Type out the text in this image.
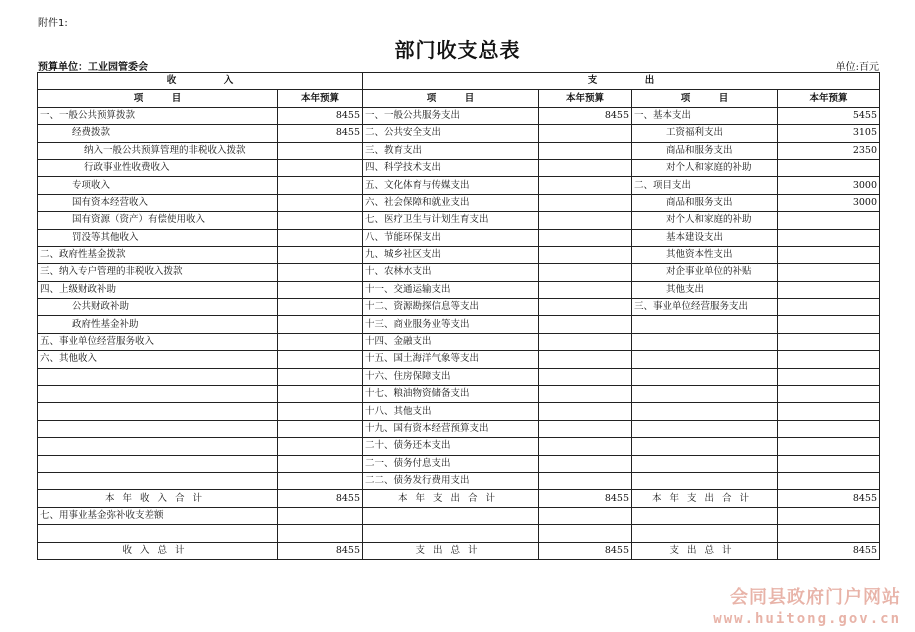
附件1:
部门收支总表
预算单位：工业园管委会	单位:百元
收　　　　　入		支　　　　　出			
项　　　目	本年预算	项　　　目	本年预算	项　　　目	本年预算
一、一般公共预算拨款	8455	一、一般公共服务支出	8455	一、基本支出	5455
经费拨款	8455	二、公共安全支出		工资福利支出	3105
纳入一般公共预算管理的非税收入拨款		三、教育支出		商品和服务支出	2350
行政事业性收费收入		四、科学技术支出		对个人和家庭的补助	
专项收入		五、文化体育与传媒支出		二、项目支出	3000
国有资本经营收入		六、社会保障和就业支出		商品和服务支出	3000
国有资源（资产）有偿使用收入		七、医疗卫生与计划生育支出		对个人和家庭的补助	
罚没等其他收入		八、节能环保支出		基本建设支出	
二、政府性基金拨款		九、城乡社区支出		其他资本性支出	
三、纳入专户管理的非税收入拨款		十、农林水支出		对企事业单位的补贴	
四、上级财政补助		十一、交通运输支出		其他支出	
公共财政补助		十二、资源勘探信息等支出		三、事业单位经营服务支出	
政府性基金补助		十三、商业服务业等支出			
五、事业单位经营服务收入		十四、金融支出			
六、其他收入		十五、国土海洋气象等支出			
		十六、住房保障支出			
		十七、粮油物资储备支出			
		十八、其他支出			
		十九、国有资本经营预算支出			
		二十、债务还本支出			
		二一、债务付息支出			
		二二、债务发行费用支出			
本年收入合计	8455	本年支出合计	8455	本年支出合计	8455
七、用事业基金弥补收支差额					

收入总计	8455	支出总计	8455	支出总计	8455
会同县政府门户网站
www.huitong.gov.cn
